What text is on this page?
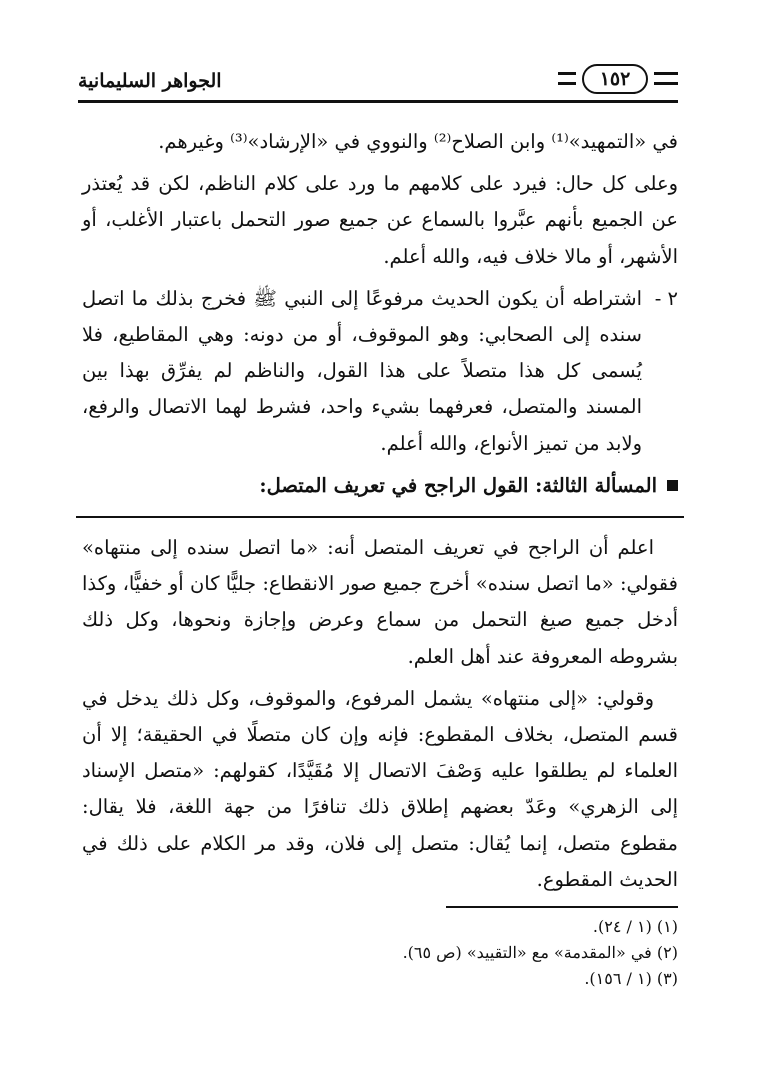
الجواهر السليمانية	١٥٢

في «التمهيد»⁽¹⁾ وابن الصلاح⁽²⁾ والنووي في «الإرشاد»⁽³⁾ وغيرهم.

وعلى كل حال: فيرد على كلامهم ما ورد على كلام الناظم، لكن قد يُعتذر عن الجميع بأنهم عبَّروا بالسماع عن جميع صور التحمل باعتبار الأغلب، أو الأشهر، أو مالا خلاف فيه، والله أعلم.

٢ -
اشتراطه أن يكون الحديث مرفوعًا إلى النبي ﷺ فخرج بذلك ما اتصل سنده إلى الصحابي: وهو الموقوف، أو من دونه: وهي المقاطيع، فلا يُسمى كل هذا متصلاً على هذا القول، والناظم لم يفرِّق بهذا بين المسند والمتصل، فعرفهما بشيء واحد، فشرط لهما الاتصال والرفع، ولابد من تميز الأنواع، والله أعلم.
المسألة الثالثة: القول الراجح في تعريف المتصل:

اعلم أن الراجح في تعريف المتصل أنه: «ما اتصل سنده إلى منتهاه» فقولي: «ما اتصل سنده» أخرج جميع صور الانقطاع: جليًّا كان أو خفيًّا، وكذا أدخل جميع صيغ التحمل من سماع وعرض وإجازة ونحوها، وكل ذلك بشروطه المعروفة عند أهل العلم.

وقولي: «إلى منتهاه» يشمل المرفوع، والموقوف، وكل ذلك يدخل في قسم المتصل، بخلاف المقطوع: فإنه وإن كان متصلًا في الحقيقة؛ إلا أن العلماء لم يطلقوا عليه وَصْفَ الاتصال إلا مُقَيَّدًا، كقولهم: «متصل الإسناد إلى الزهري» وعَدّ بعضهم إطلاق ذلك تنافرًا من جهة اللغة، فلا يقال: مقطوع متصل، إنما يُقال: متصل إلى فلان، وقد مر الكلام على ذلك في الحديث المقطوع.

(١) (١ / ٢٤).
(٢) في «المقدمة» مع «التقييد» (ص ٦٥).
(٣) (١ / ١٥٦).
